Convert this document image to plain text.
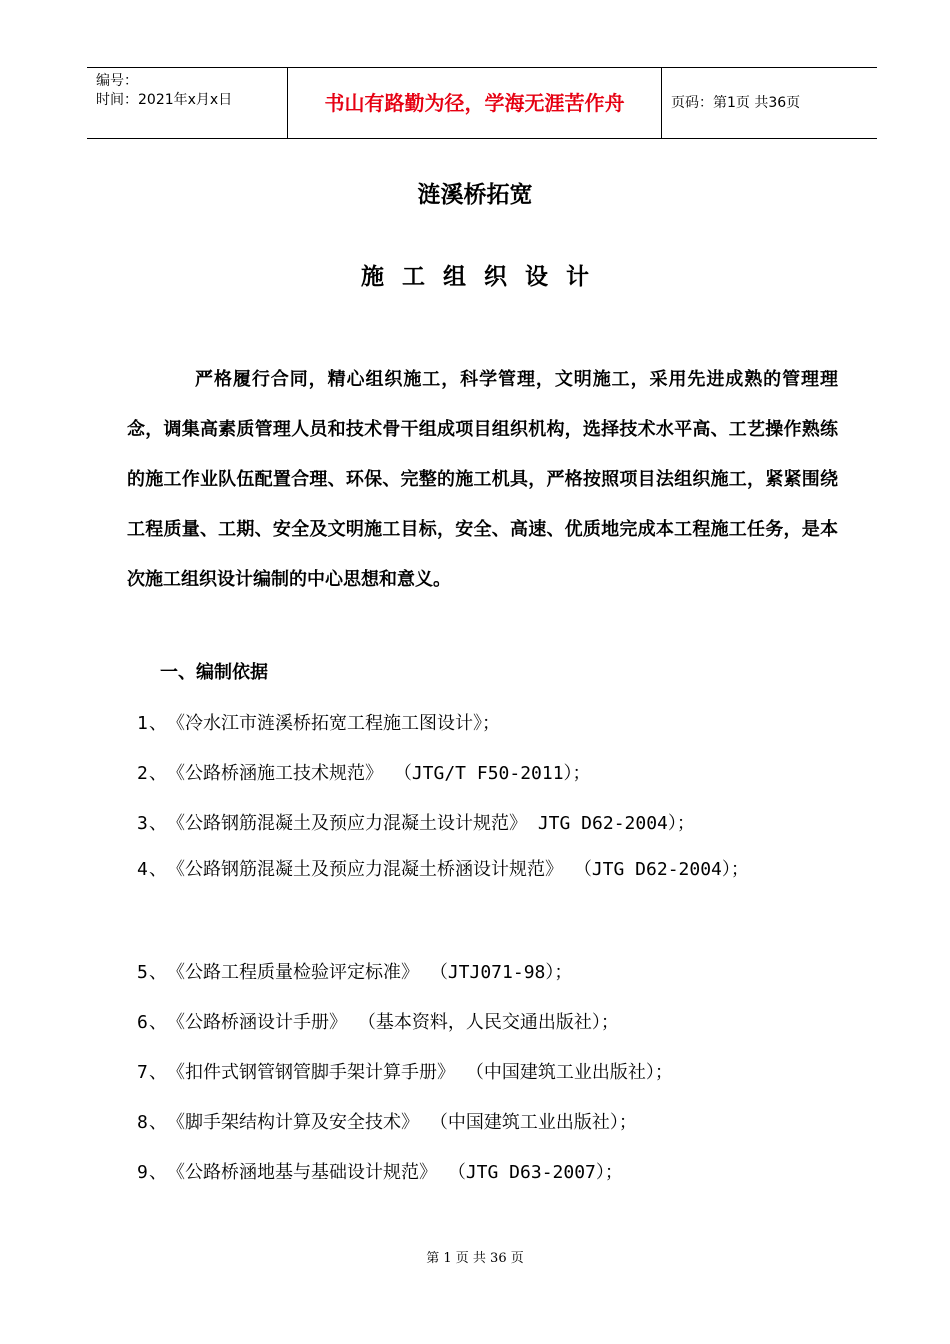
编号：
时间：2021年x月x日	书山有路勤为径，学海无涯苦作舟	页码：第1页 共36页
涟溪桥拓宽
施工组织设计
严格履行合同，精心组织施工，科学管理，文明施工，采用先进成熟的管理理念，调集高素质管理人员和技术骨干组成项目组织机构，选择技术水平高、工艺操作熟练的施工作业队伍配置合理、环保、完整的施工机具，严格按照项目法组织施工，紧紧围绕工程质量、工期、安全及文明施工目标，安全、高速、优质地完成本工程施工任务，是本次施工组织设计编制的中心思想和意义。
一、编制依据
1、《冷水江市涟溪桥拓宽工程施工图设计》；
2、《公路桥涵施工技术规范》 （JTG/T F50-2011）；
3、《公路钢筋混凝土及预应力混凝土设计规范》 JTG D62-2004）；
4、《公路钢筋混凝土及预应力混凝土桥涵设计规范》 （JTG D62-2004）；
5、《公路工程质量检验评定标准》 （JTJ071-98）；
6、《公路桥涵设计手册》 （基本资料，人民交通出版社）；
7、《扣件式钢管钢管脚手架计算手册》 （中国建筑工业出版社）；
8、《脚手架结构计算及安全技术》 （中国建筑工业出版社）；
9、《公路桥涵地基与基础设计规范》 （JTG D63-2007）；
第 1 页 共 36 页
